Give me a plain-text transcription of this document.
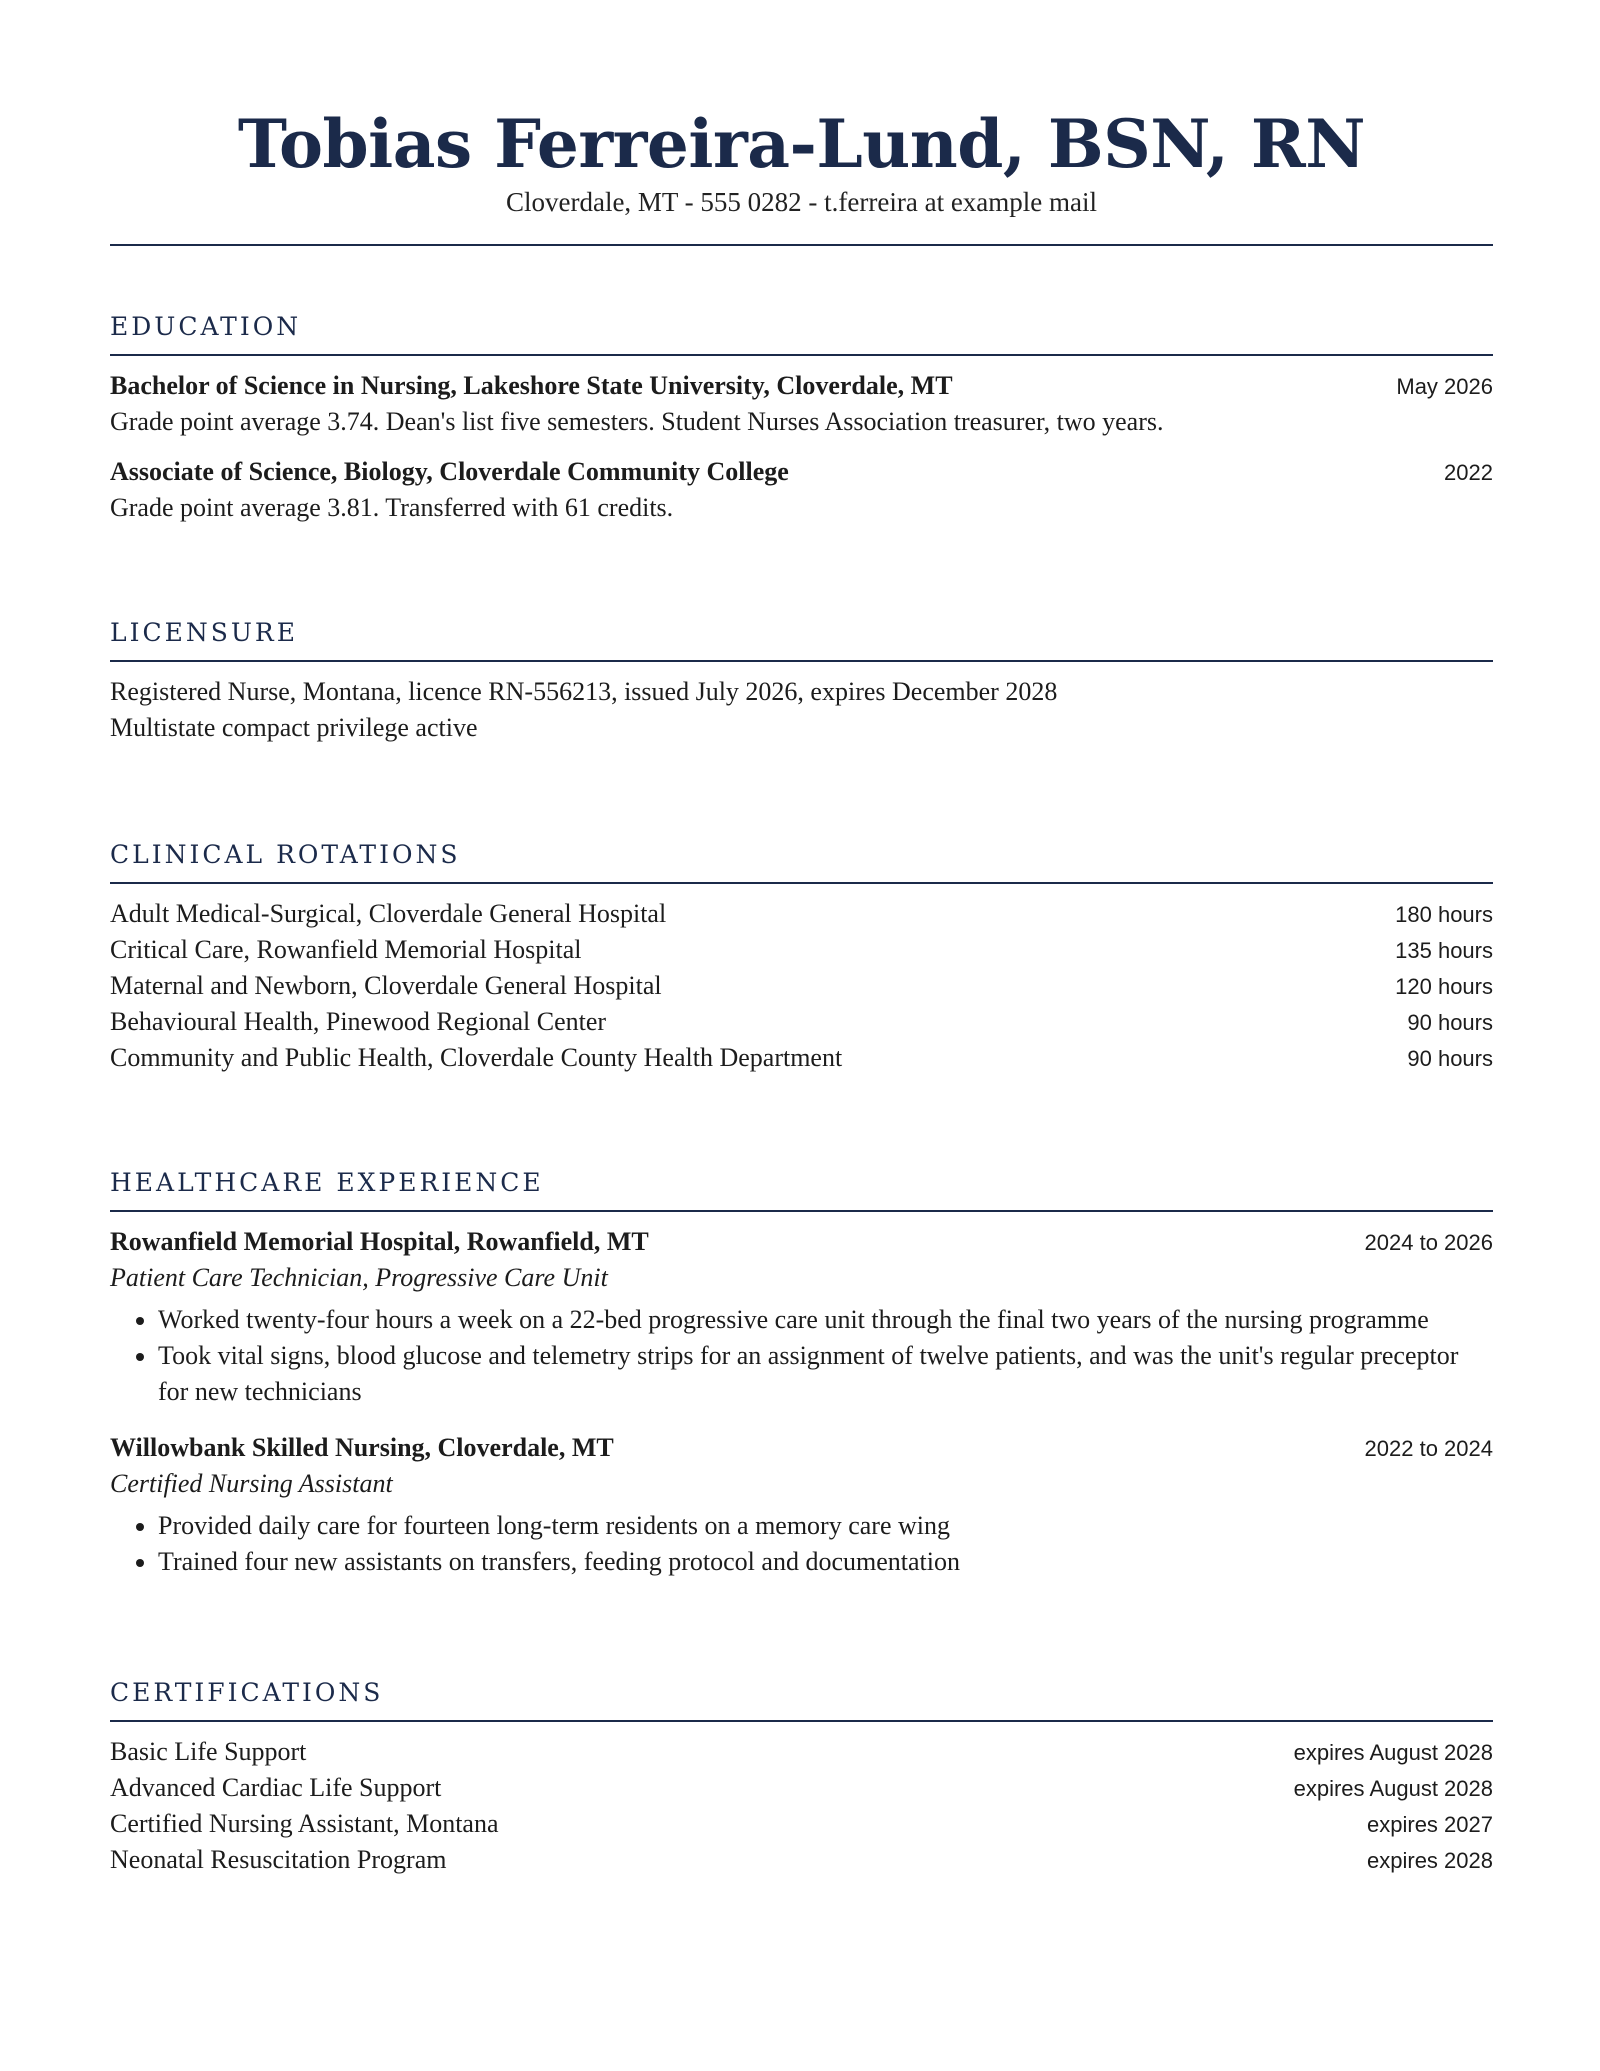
Tobias Ferreira-Lund, BSN, RN
Cloverdale, MT - 555 0282 - t.ferreira at example mail
EDUCATION
Bachelor of Science in Nursing, Lakeshore State University, Cloverdale, MT	May 2026
Grade point average 3.74. Dean's list five semesters. Student Nurses Association treasurer, two years.
Associate of Science, Biology, Cloverdale Community College	2022
Grade point average 3.81. Transferred with 61 credits.
LICENSURE
Registered Nurse, Montana, licence RN-556213, issued July 2026, expires December 2028
Multistate compact privilege active
CLINICAL ROTATIONS
Adult Medical-Surgical, Cloverdale General Hospital	180 hours
Critical Care, Rowanfield Memorial Hospital	135 hours
Maternal and Newborn, Cloverdale General Hospital	120 hours
Behavioural Health, Pinewood Regional Center	90 hours
Community and Public Health, Cloverdale County Health Department	90 hours
HEALTHCARE EXPERIENCE
Rowanfield Memorial Hospital, Rowanfield, MT	2024 to 2026
Patient Care Technician, Progressive Care Unit
• Worked twenty-four hours a week on a 22-bed progressive care unit through the final two years of the nursing programme
• Took vital signs, blood glucose and telemetry strips for an assignment of twelve patients, and was the unit's regular preceptor for new technicians
Willowbank Skilled Nursing, Cloverdale, MT	2022 to 2024
Certified Nursing Assistant
• Provided daily care for fourteen long-term residents on a memory care wing
• Trained four new assistants on transfers, feeding protocol and documentation
CERTIFICATIONS
Basic Life Support	expires August 2028
Advanced Cardiac Life Support	expires August 2028
Certified Nursing Assistant, Montana	expires 2027
Neonatal Resuscitation Program	expires 2028
